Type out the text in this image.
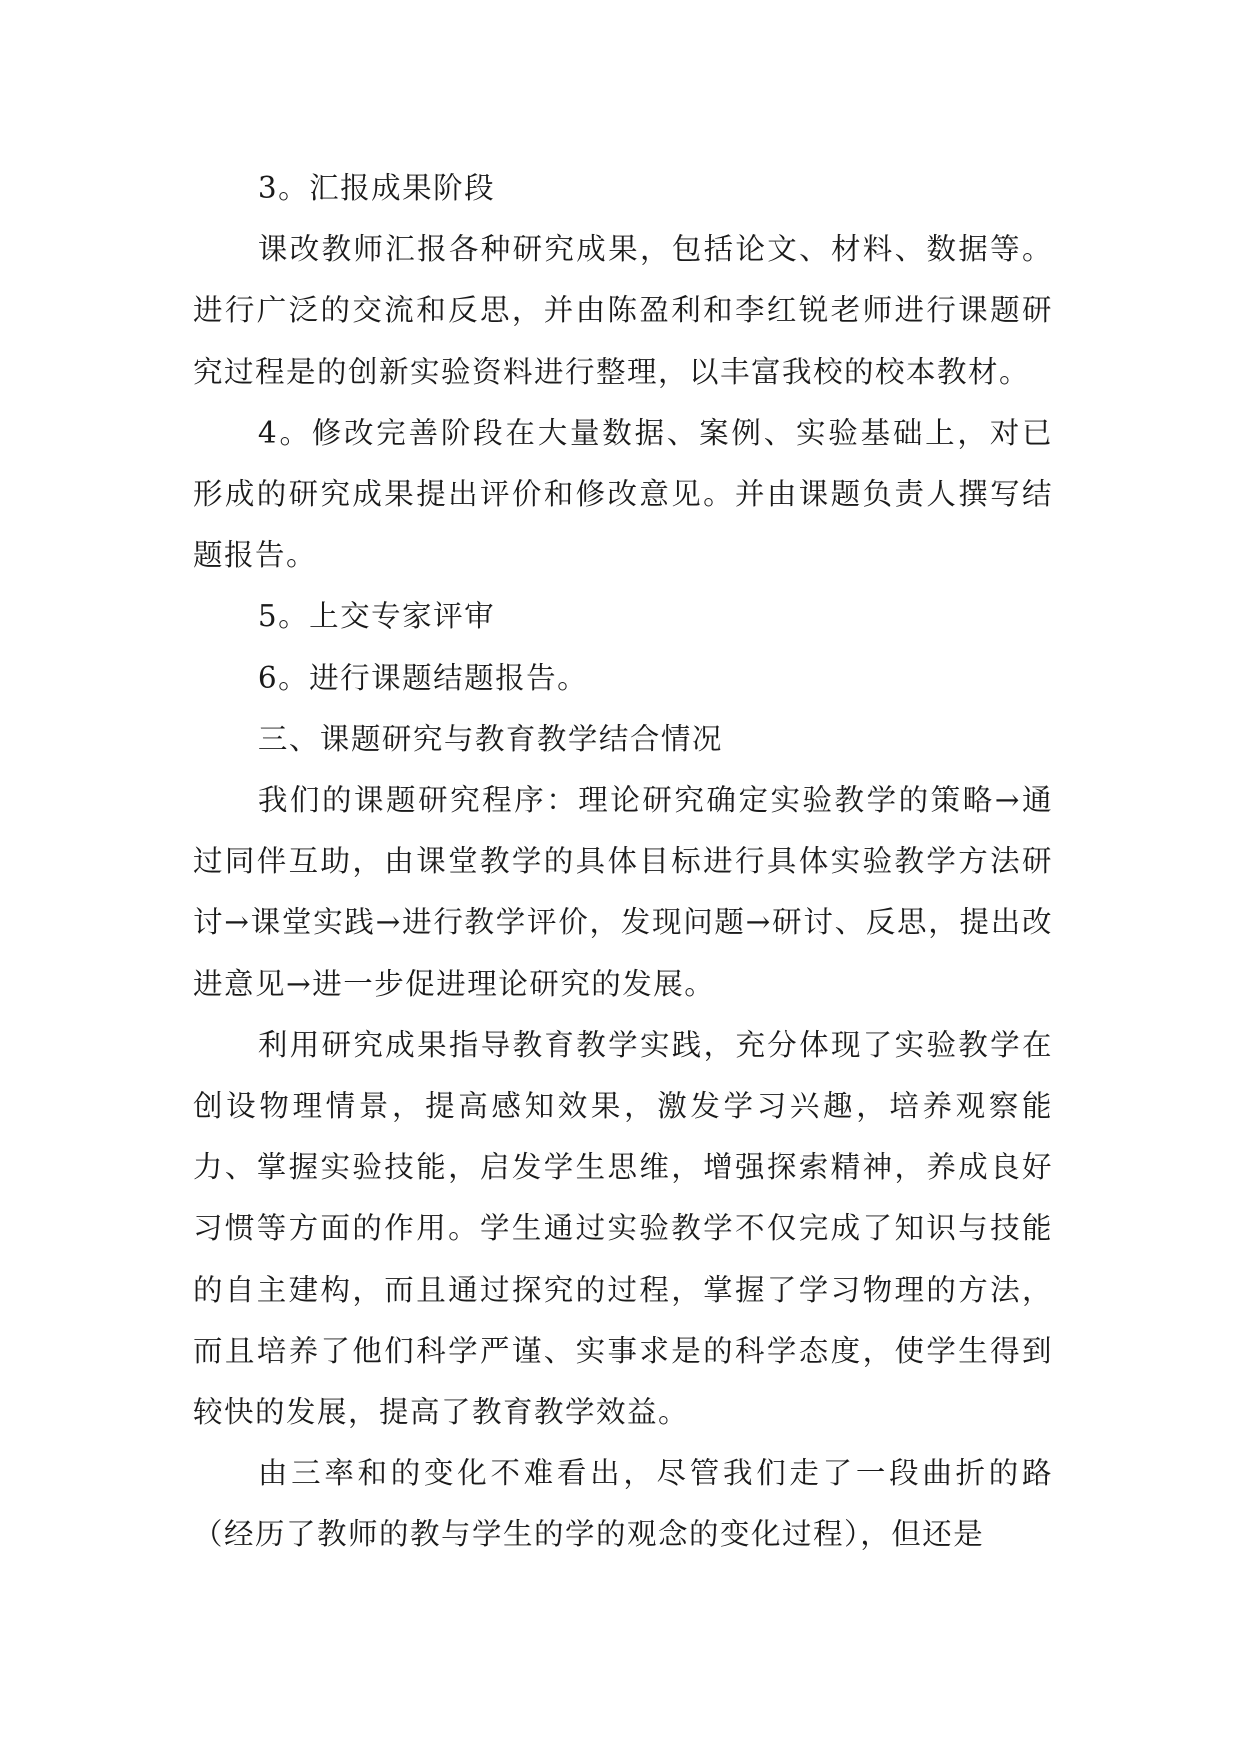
3。汇报成果阶段

课改教师汇报各种研究成果，包括论文、材料、数据等。进行广泛的交流和反思，并由陈盈利和李红锐老师进行课题研究过程是的创新实验资料进行整理，以丰富我校的校本教材。

4。修改完善阶段在大量数据、案例、实验基础上，对已形成的研究成果提出评价和修改意见。并由课题负责人撰写结题报告。

5。上交专家评审

6。进行课题结题报告。

三、课题研究与教育教学结合情况

我们的课题研究程序：理论研究确定实验教学的策略→通过同伴互助，由课堂教学的具体目标进行具体实验教学方法研讨→课堂实践→进行教学评价，发现问题→研讨、反思，提出改进意见→进一步促进理论研究的发展。

利用研究成果指导教育教学实践，充分体现了实验教学在创设物理情景，提高感知效果，激发学习兴趣，培养观察能力、掌握实验技能，启发学生思维，增强探索精神，养成良好习惯等方面的作用。学生通过实验教学不仅完成了知识与技能的自主建构，而且通过探究的过程，掌握了学习物理的方法，而且培养了他们科学严谨、实事求是的科学态度，使学生得到较快的发展，提高了教育教学效益。

由三率和的变化不难看出，尽管我们走了一段曲折的路（经历了教师的教与学生的学的观念的变化过程），但还是
